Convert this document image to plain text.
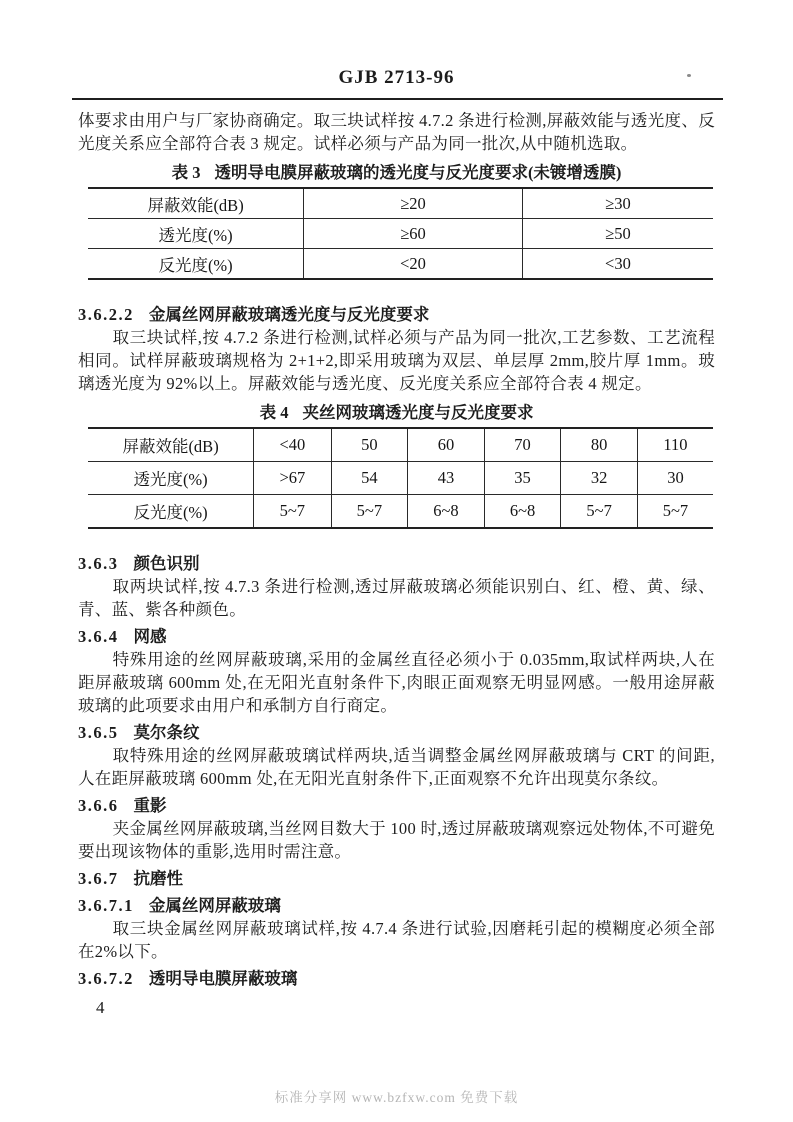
GJB 2713-96

体要求由用户与厂家协商确定。取三块试样按 4.7.2 条进行检测,屏蔽效能与透光度、反光度关系应全部符合表 3 规定。试样必须与产品为同一批次,从中随机选取。

表 3 透明导电膜屏蔽玻璃的透光度与反光度要求(未镀增透膜)
屏蔽效能(dB)	≥20	≥30
透光度(%)	≥60	≥50
反光度(%)	<20	<30
3.6.2.2 金属丝网屏蔽玻璃透光度与反光度要求

取三块试样,按 4.7.2 条进行检测,试样必须与产品为同一批次,工艺参数、工艺流程相同。试样屏蔽玻璃规格为 2+1+2,即采用玻璃为双层、单层厚 2mm,胶片厚 1mm。玻璃透光度为 92%以上。屏蔽效能与透光度、反光度关系应全部符合表 4 规定。

表 4 夹丝网玻璃透光度与反光度要求
屏蔽效能(dB)	<40	50	60	70	80	110
透光度(%)	>67	54	43	35	32	30
反光度(%)	5~7	5~7	6~8	6~8	5~7	5~7
3.6.3 颜色识别

取两块试样,按 4.7.3 条进行检测,透过屏蔽玻璃必须能识别白、红、橙、黄、绿、青、蓝、紫各种颜色。

3.6.4 网感

特殊用途的丝网屏蔽玻璃,采用的金属丝直径必须小于 0.035mm,取试样两块,人在距屏蔽玻璃 600mm 处,在无阳光直射条件下,肉眼正面观察无明显网感。一般用途屏蔽玻璃的此项要求由用户和承制方自行商定。

3.6.5 莫尔条纹

取特殊用途的丝网屏蔽玻璃试样两块,适当调整金属丝网屏蔽玻璃与 CRT 的间距,人在距屏蔽玻璃 600mm 处,在无阳光直射条件下,正面观察不允许出现莫尔条纹。

3.6.6 重影

夹金属丝网屏蔽玻璃,当丝网目数大于 100 时,透过屏蔽玻璃观察远处物体,不可避免要出现该物体的重影,选用时需注意。

3.6.7 抗磨性
3.6.7.1 金属丝网屏蔽玻璃

取三块金属丝网屏蔽玻璃试样,按 4.7.4 条进行试验,因磨耗引起的模糊度必须全部在2%以下。

3.6.7.2 透明导电膜屏蔽玻璃
4
标准分享网 www.bzfxw.com 免费下载
